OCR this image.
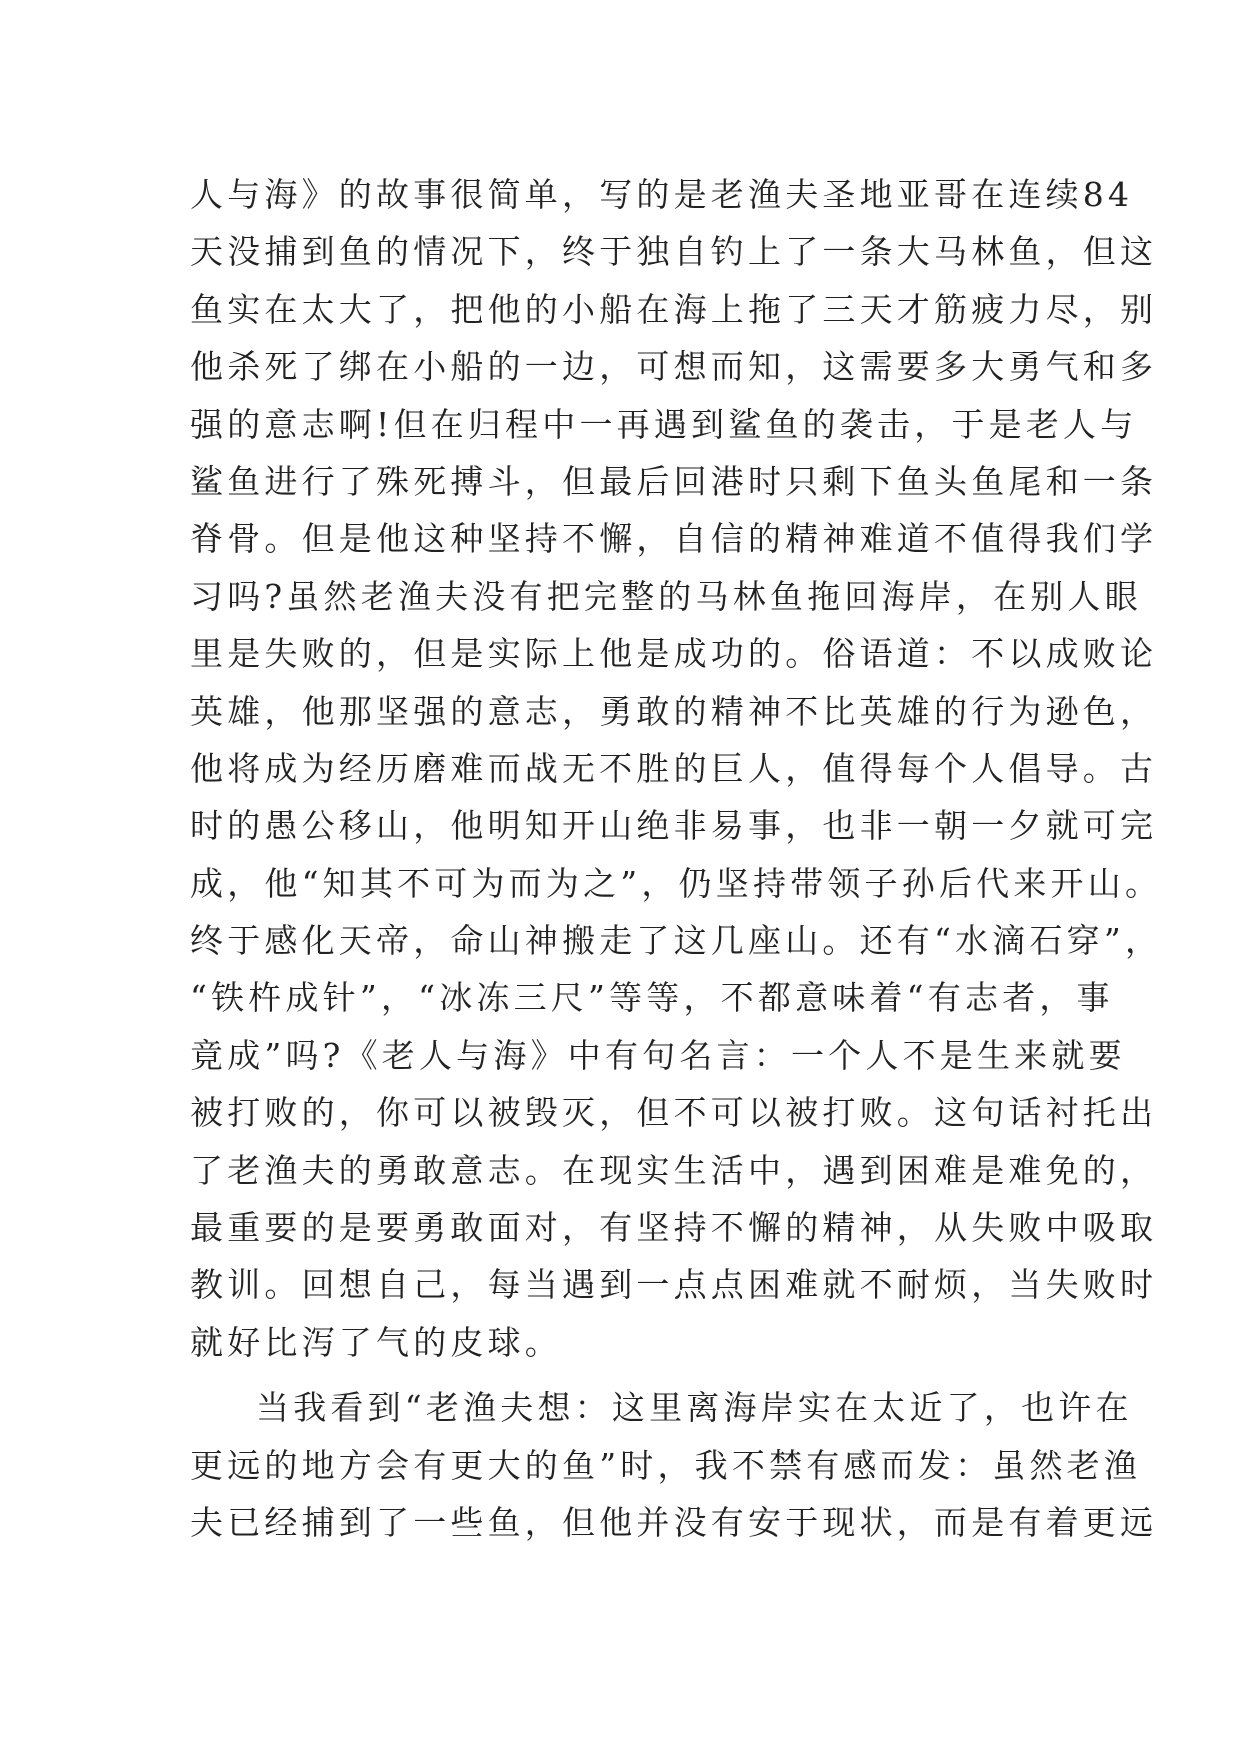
人与海》的故事很简单，写的是老渔夫圣地亚哥在连续84
天没捕到鱼的情况下，终于独自钓上了一条大马林鱼，但这
鱼实在太大了，把他的小船在海上拖了三天才筋疲力尽，别
他杀死了绑在小船的一边，可想而知，这需要多大勇气和多
强的意志啊!但在归程中一再遇到鲨鱼的袭击，于是老人与
鲨鱼进行了殊死搏斗，但最后回港时只剩下鱼头鱼尾和一条
脊骨。但是他这种坚持不懈，自信的精神难道不值得我们学
习吗?虽然老渔夫没有把完整的马林鱼拖回海岸，在别人眼
里是失败的，但是实际上他是成功的。俗语道：不以成败论
英雄，他那坚强的意志，勇敢的精神不比英雄的行为逊色，
他将成为经历磨难而战无不胜的巨人，值得每个人倡导。古
时的愚公移山，他明知开山绝非易事，也非一朝一夕就可完
成，他“知其不可为而为之”，仍坚持带领子孙后代来开山。
终于感化天帝，命山神搬走了这几座山。还有“水滴石穿”，
“铁杵成针”，“冰冻三尺”等等，不都意味着“有志者，事
竟成”吗?《老人与海》中有句名言：一个人不是生来就要
被打败的，你可以被毁灭，但不可以被打败。这句话衬托出
了老渔夫的勇敢意志。在现实生活中，遇到困难是难免的，
最重要的是要勇敢面对，有坚持不懈的精神，从失败中吸取
教训。回想自己，每当遇到一点点困难就不耐烦，当失败时
就好比泻了气的皮球。
当我看到“老渔夫想：这里离海岸实在太近了，也许在
更远的地方会有更大的鱼”时，我不禁有感而发：虽然老渔
夫已经捕到了一些鱼，但他并没有安于现状，而是有着更远
